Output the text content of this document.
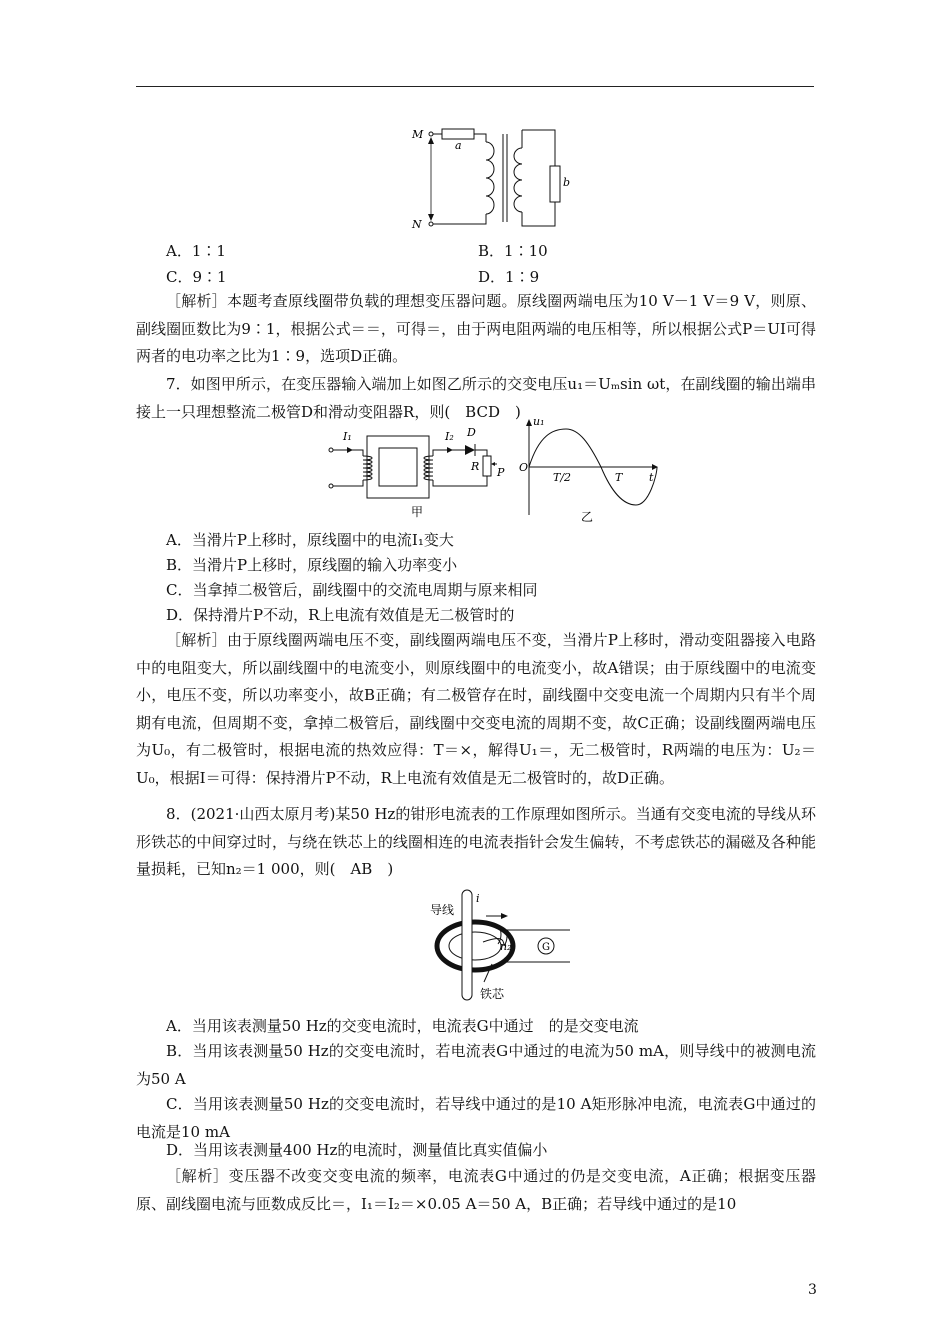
M
N
a
b
A．1∶1	B．1∶10
C．9∶1	D．1∶9
［解析］本题考查原线圈带负载的理想变压器问题。原线圈两端电压为10 V－1 V＝9 V，则原、副线圈匝数比为9∶1，根据公式＝＝，可得＝，由于两电阻两端的电压相等，所以根据公式P＝UI可得两者的电功率之比为1∶9，选项D正确。
7．如图甲所示，在变压器输入端加上如图乙所示的交变电压u₁＝Uₘsin ωt，在副线圈的输出端串接上一只理想整流二极管D和滑动变阻器R，则(　BCD　)
I₁	I₂ D
R P
甲
u₁
O
T/2	T t
乙
A．当滑片P上移时，原线圈中的电流I₁变大
B．当滑片P上移时，原线圈的输入功率变小
C．当拿掉二极管后，副线圈中的交流电周期与原来相同
D．保持滑片P不动，R上电流有效值是无二极管时的
［解析］由于原线圈两端电压不变，副线圈两端电压不变，当滑片P上移时，滑动变阻器接入电路中的电阻变大，所以副线圈中的电流变小，则原线圈中的电流变小，故A错误；由于原线圈中的电流变小，电压不变，所以功率变小，故B正确；有二极管存在时，副线圈中交变电流一个周期内只有半个周期有电流，但周期不变，拿掉二极管后，副线圈中交变电流的周期不变，故C正确；设副线圈两端电压为U₀，有二极管时，根据电流的热效应得：T＝×，解得U₁＝，无二极管时，R两端的电压为：U₂＝U₀，根据I＝可得：保持滑片P不动，R上电流有效值是无二极管时的，故D正确。
8．(2021·山西太原月考)某50 Hz的钳形电流表的工作原理如图所示。当通有交变电流的导线从环形铁芯的中间穿过时，与绕在铁芯上的线圈相连的电流表指针会发生偏转，不考虑铁芯的漏磁及各种能量损耗，已知n₂＝1 000，则(　AB　)
导线
i
n₂	G
铁芯
A．当用该表测量50 Hz的交变电流时，电流表G中通过　的是交变电流
B．当用该表测量50 Hz的交变电流时，若电流表G中通过的电流为50 mA，则导线中的被测电流为50 A
C．当用该表测量50 Hz的交变电流时，若导线中通过的是10 A矩形脉冲电流，电流表G中通过的电流是10 mA
D．当用该表测量400 Hz的电流时，测量值比真实值偏小
［解析］变压器不改变交变电流的频率，电流表G中通过的仍是交变电流，A正确；根据变压器原、副线圈电流与匝数成反比＝，I₁＝I₂＝×0.05 A＝50 A，B正确；若导线中通过的是10
3
